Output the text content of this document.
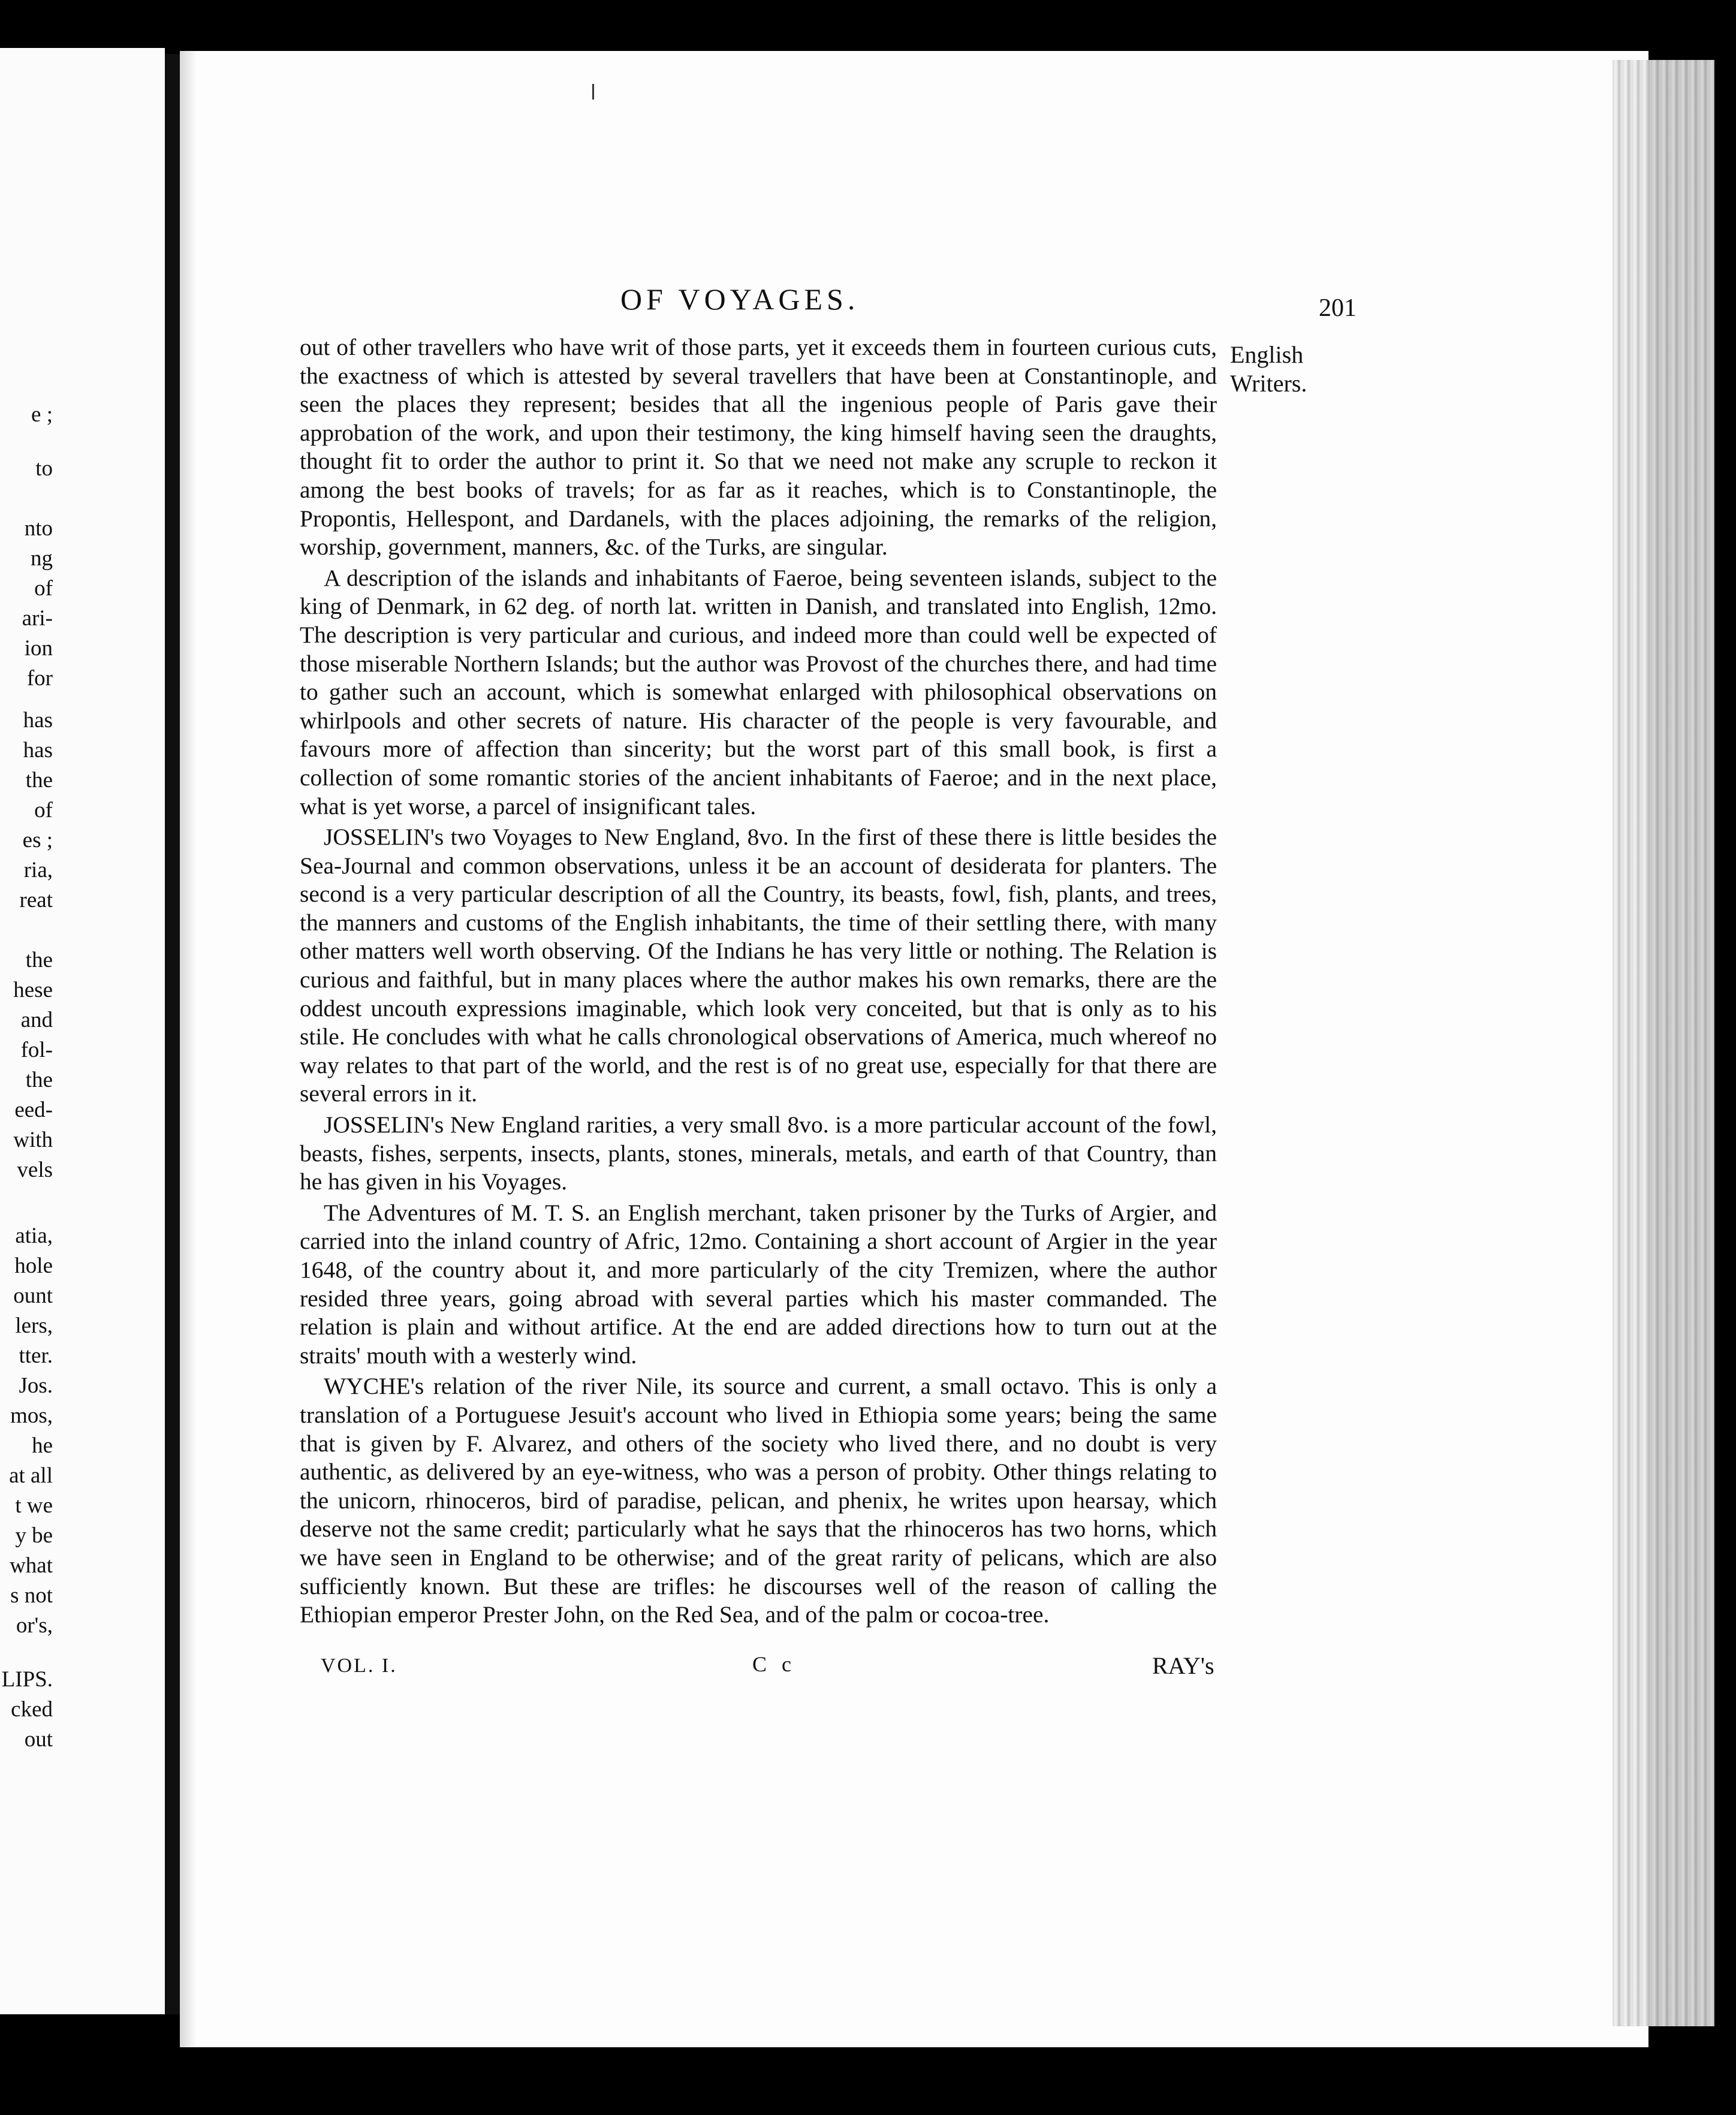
e ;
to
nto
ng
of
ari-
ion
for
has
has
the
of
es ;
ria,
reat
the
hese
and
fol-
the
eed-
with
vels
atia,
hole
ount
lers,
tter.
Jos.
mos,
he
at all
t we
y be
what
s not
or's,
LIPS.
cked
out
OF VOYAGES.	201
English Writers.

out of other travellers who have writ of those parts, yet it exceeds them in fourteen curious cuts, the exactness of which is attested by several travellers that have been at Constantinople, and seen the places they represent; besides that all the ingenious people of Paris gave their approbation of the work, and upon their testimony, the king himself having seen the draughts, thought fit to order the author to print it. So that we need not make any scruple to reckon it among the best books of travels; for as far as it reaches, which is to Constantinople, the Propontis, Hellespont, and Dardanels, with the places adjoining, the remarks of the religion, worship, government, manners, &c. of the Turks, are singular.

A description of the islands and inhabitants of Faeroe, being seventeen islands, subject to the king of Denmark, in 62 deg. of north lat. written in Danish, and translated into English, 12mo. The description is very particular and curious, and indeed more than could well be expected of those miserable Northern Islands; but the author was Provost of the churches there, and had time to gather such an account, which is somewhat enlarged with philosophical observations on whirlpools and other secrets of nature. His character of the people is very favourable, and favours more of affection than sincerity; but the worst part of this small book, is first a collection of some romantic stories of the ancient inhabitants of Faeroe; and in the next place, what is yet worse, a parcel of insignificant tales.

JOSSELIN's two Voyages to New England, 8vo. In the first of these there is little besides the Sea-Journal and common observations, unless it be an account of desiderata for planters. The second is a very particular description of all the Country, its beasts, fowl, fish, plants, and trees, the manners and customs of the English inhabitants, the time of their settling there, with many other matters well worth observing. Of the Indians he has very little or nothing. The Relation is curious and faithful, but in many places where the author makes his own remarks, there are the oddest uncouth expressions imaginable, which look very conceited, but that is only as to his stile. He concludes with what he calls chronological observations of America, much whereof no way relates to that part of the world, and the rest is of no great use, especially for that there are several errors in it.

JOSSELIN's New England rarities, a very small 8vo. is a more particular account of the fowl, beasts, fishes, serpents, insects, plants, stones, minerals, metals, and earth of that Country, than he has given in his Voyages.

The Adventures of M. T. S. an English merchant, taken prisoner by the Turks of Argier, and carried into the inland country of Afric, 12mo. Containing a short account of Argier in the year 1648, of the country about it, and more particularly of the city Tremizen, where the author resided three years, going abroad with several parties which his master commanded. The relation is plain and without artifice. At the end are added directions how to turn out at the straits' mouth with a westerly wind.

WYCHE's relation of the river Nile, its source and current, a small octavo. This is only a translation of a Portuguese Jesuit's account who lived in Ethiopia some years; being the same that is given by F. Alvarez, and others of the society who lived there, and no doubt is very authentic, as delivered by an eye-witness, who was a person of probity. Other things relating to the unicorn, rhinoceros, bird of paradise, pelican, and phenix, he writes upon hearsay, which deserve not the same credit; particularly what he says that the rhinoceros has two horns, which we have seen in England to be otherwise; and of the great rarity of pelicans, which are also sufficiently known. But these are trifles: he discourses well of the reason of calling the Ethiopian emperor Prester John, on the Red Sea, and of the palm or cocoa-tree.

VOL. I.	C c	RAY's
